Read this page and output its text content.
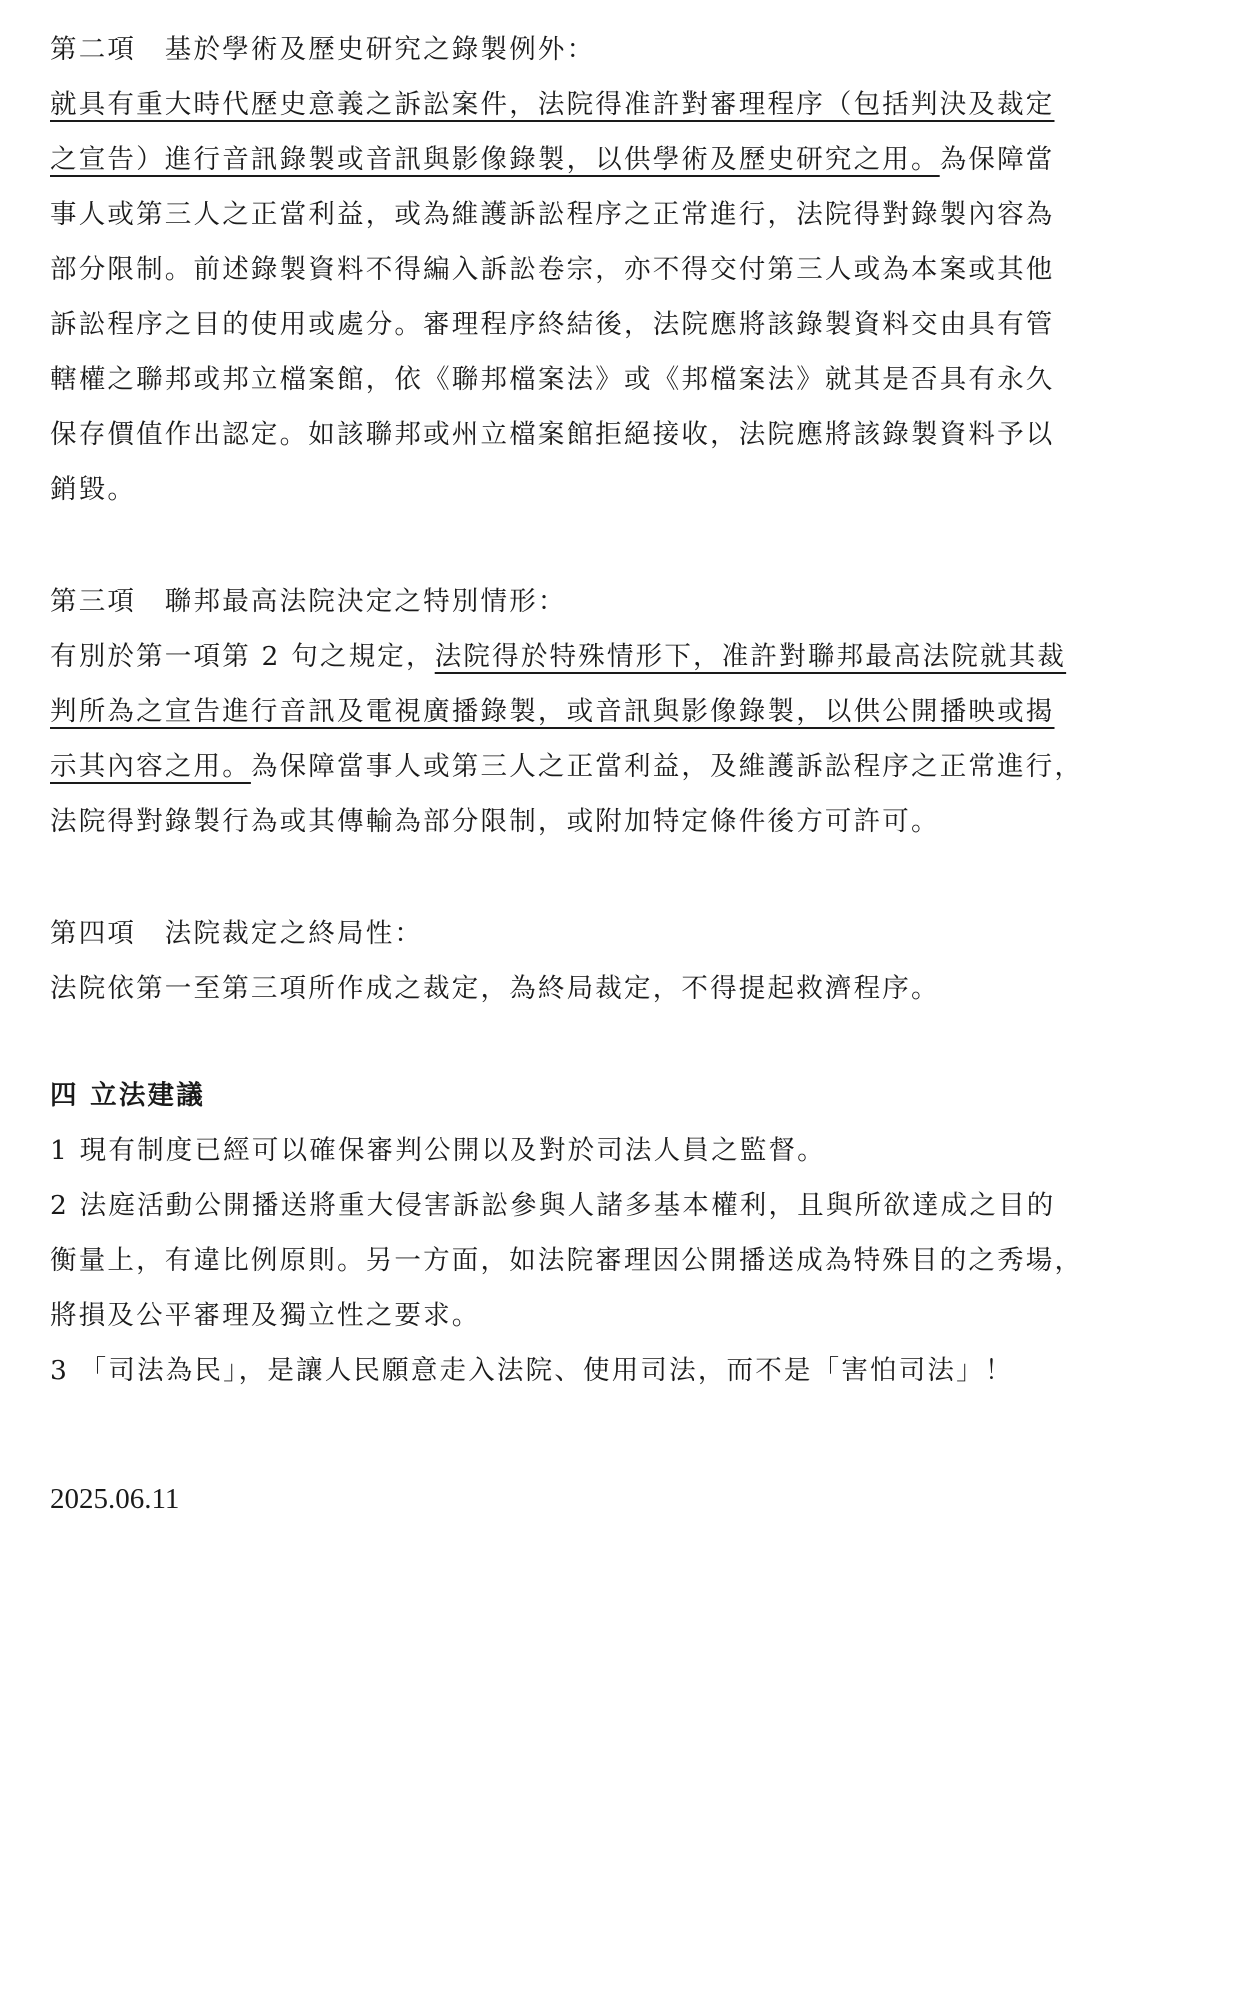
第二項　基於學術及歷史研究之錄製例外：
就具有重大時代歷史意義之訴訟案件，法院得准許對審理程序（包括判決及裁定
之宣告）進行音訊錄製或音訊與影像錄製，以供學術及歷史研究之用。為保障當
事人或第三人之正當利益，或為維護訴訟程序之正常進行，法院得對錄製內容為
部分限制。前述錄製資料不得編入訴訟卷宗，亦不得交付第三人或為本案或其他
訴訟程序之目的使用或處分。審理程序終結後，法院應將該錄製資料交由具有管
轄權之聯邦或邦立檔案館，依《聯邦檔案法》或《邦檔案法》就其是否具有永久
保存價值作出認定。如該聯邦或州立檔案館拒絕接收，法院應將該錄製資料予以
銷毀。
第三項　聯邦最高法院決定之特別情形：
有別於第一項第 2 句之規定，法院得於特殊情形下，准許對聯邦最高法院就其裁
判所為之宣告進行音訊及電視廣播錄製，或音訊與影像錄製，以供公開播映或揭
示其內容之用。為保障當事人或第三人之正當利益，及維護訴訟程序之正常進行，
法院得對錄製行為或其傳輸為部分限制，或附加特定條件後方可許可。
第四項　法院裁定之終局性：
法院依第一至第三項所作成之裁定，為終局裁定，不得提起救濟程序。
四 立法建議
1 現有制度已經可以確保審判公開以及對於司法人員之監督。
2 法庭活動公開播送將重大侵害訴訟參與人諸多基本權利，且與所欲達成之目的
衡量上，有違比例原則。另一方面，如法院審理因公開播送成為特殊目的之秀場，
將損及公平審理及獨立性之要求。
3 「司法為民」，是讓人民願意走入法院、使用司法，而不是「害怕司法」！
2025.06.11
